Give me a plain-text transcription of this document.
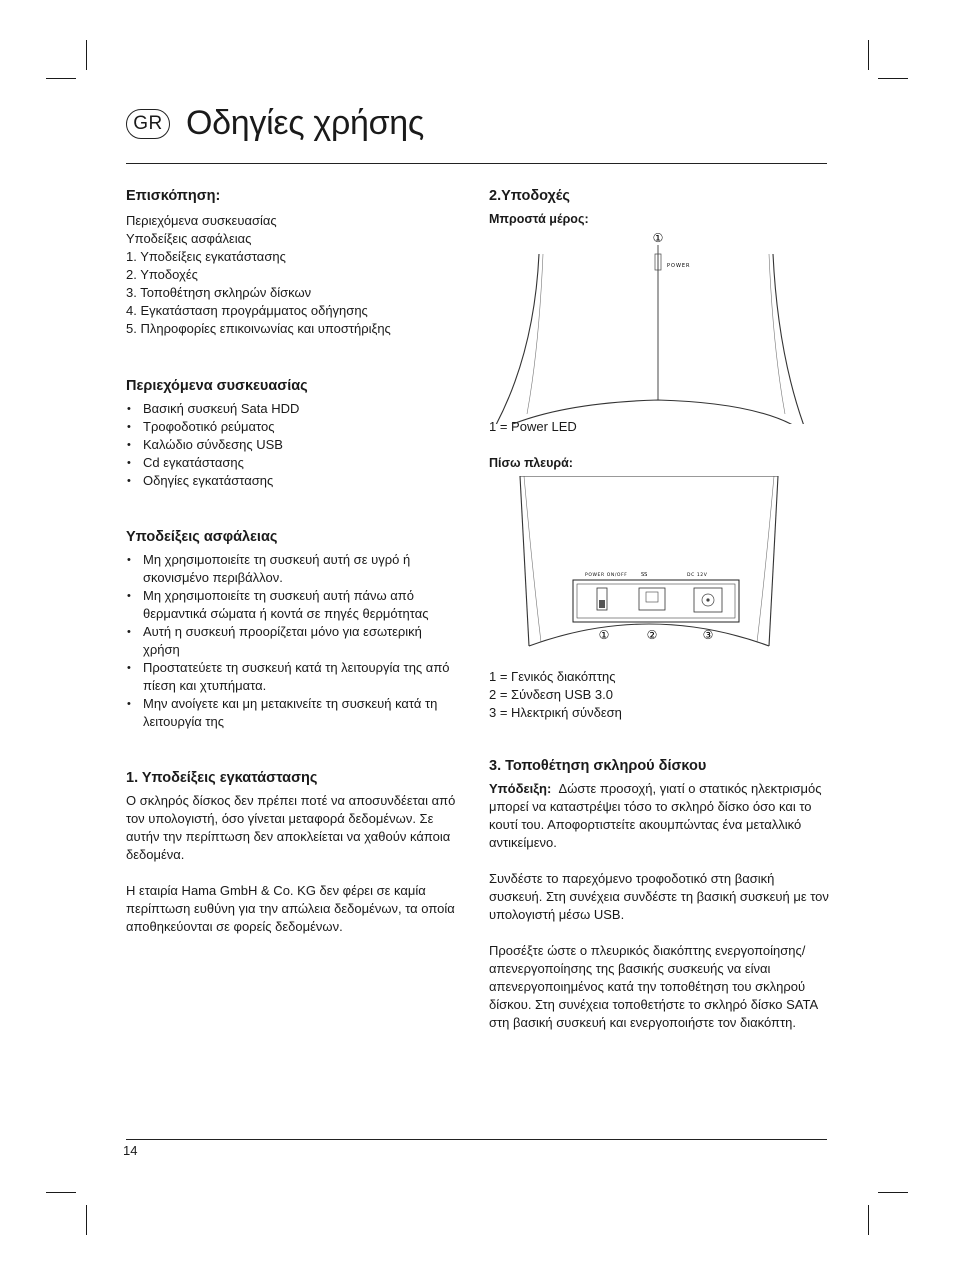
GR Οδηγίες χρήσης
Επισκόπηση:
Περιεχόμενα συσκευασίας
Υποδείξεις ασφάλειας
1. Υποδείξεις εγκατάστασης
2. Υποδοχές
3. Τοποθέτηση σκληρών δίσκων
4. Εγκατάσταση προγράμματος οδήγησης
5. Πληροφορίες επικοινωνίας και υποστήριξης
Περιεχόμενα συσκευασίας
• Βασική συσκευή Sata HDD
• Τροφοδοτικό ρεύματος
• Καλώδιο σύνδεσης USB
• Cd εγκατάστασης
• Οδηγίες εγκατάστασης
Υποδείξεις ασφάλειας
• Μη χρησιμοποιείτε τη συσκευή αυτή σε υγρό ή σκονισμένο περιβάλλον.
• Μη χρησιμοποιείτε τη συσκευή αυτή πάνω από θερμαντικά σώματα ή κοντά σε πηγές θερμότητας
• Αυτή η συσκευή προορίζεται μόνο για εσωτερική χρήση
• Προστατεύετε τη συσκευή κατά τη λειτουργία της από πίεση και χτυπήματα.
• Μην ανοίγετε και μη μετακινείτε τη συσκευή κατά τη λειτουργία της
1. Υποδείξεις εγκατάστασης

Ο σκληρός δίσκος δεν πρέπει ποτέ να αποσυνδέεται από τον υπολογιστή, όσο γίνεται μεταφορά δεδομένων. Σε αυτήν την περίπτωση δεν αποκλείεται να χαθούν κάποια δεδομένα.

Η εταιρία Hama GmbH & Co. KG δεν φέρει σε καμία περίπτωση ευθύνη για την απώλεια δεδομένων, τα οποία αποθηκεύονται σε φορείς δεδομένων.

2.Υποδοχές
Μπροστά μέρος:
①
POWER

1 = Power LED

Πίσω πλευρά:
POWER ON/OFF	SS	DC 12V
①	②	③
1 = Γενικός διακόπτης
2 = Σύνδεση USB 3.0
3 = Ηλεκτρική σύνδεση
3. Τοποθέτηση σκληρού δίσκου

Υπόδειξη: Δώστε προσοχή, γιατί ο στατικός ηλεκτρισμός μπορεί να καταστρέψει τόσο το σκληρό δίσκο όσο και το κουτί του. Αποφορτιστείτε ακουμπώντας ένα μεταλλικό αντικείμενο.

Συνδέστε το παρεχόμενο τροφοδοτικό στη βασική συσκευή. Στη συνέχεια συνδέστε τη βασική συσκευή με τον υπολογιστή μέσω USB.

Προσέξτε ώστε ο πλευρικός διακόπτης ενεργοποίησης/ απενεργοποίησης της βασικής συσκευής να είναι απενεργοποιημένος κατά την τοποθέτηση του σκληρού δίσκου. Στη συνέχεια τοποθετήστε το σκληρό δίσκο SATA στη βασική συσκευή και ενεργοποιήστε τον διακόπτη.

14
